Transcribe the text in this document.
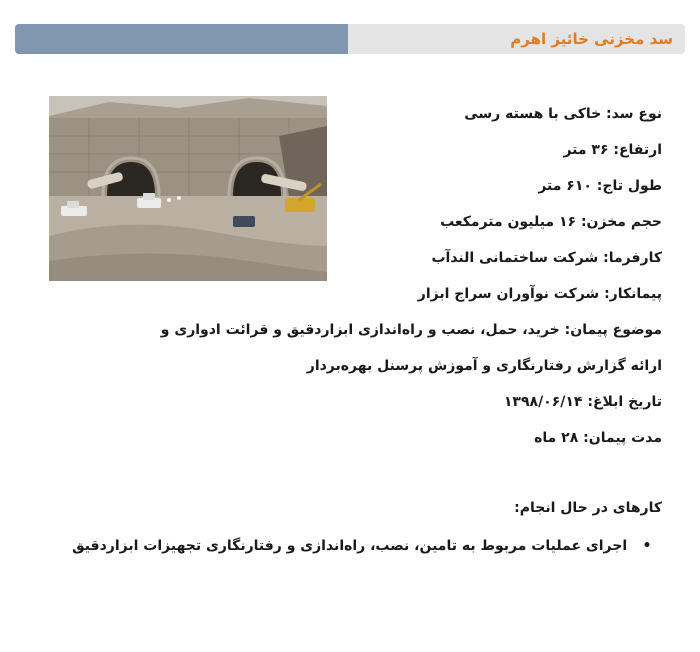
سد مخزنی خائیز اهرم
نوع سد: خاکی با هسته رسی
ارتفاع: ۳۶ متر
طول تاج: ۶۱۰ متر
حجم مخزن: ۱۶ میلیون مترمکعب
کارفرما: شرکت ساختمانی الندآب
پیمانکار: شرکت نوآوران سراج ابزار
موضوع پیمان: خرید، حمل، نصب و راه‌اندازی ابزاردقیق و قرائت ادواری و
ارائه گزارش رفتارنگاری و آموزش پرسنل بهره‌بردار
تاریخ ابلاغ: ۱۳۹۸/۰۶/۱۴
مدت پیمان: ۲۸ ماه
کارهای در حال انجام:
• اجرای عملیات مربوط به تامین، نصب، راه‌اندازی و رفتارنگاری تجهیزات ابزاردقیق
